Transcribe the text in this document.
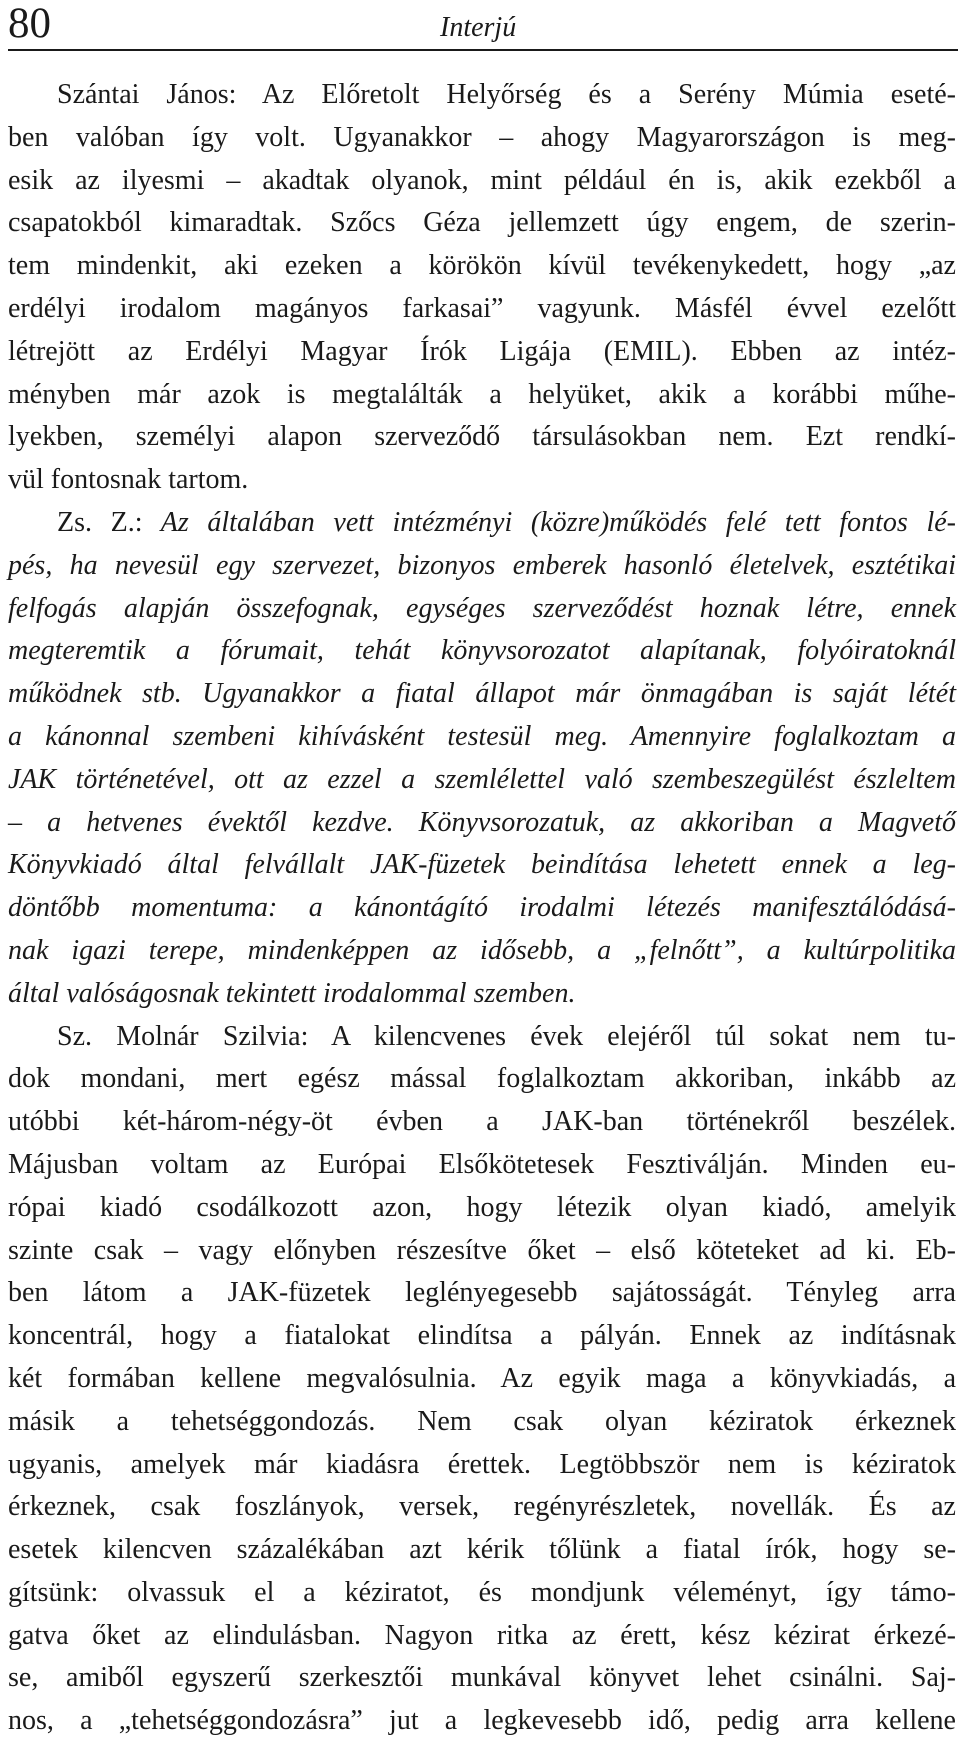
80	Interjú
Szántai János: Az Előretolt Helyőrség és a Serény Múmia eseté-
ben valóban így volt. Ugyanakkor – ahogy Magyarországon is meg-
esik az ilyesmi – akadtak olyanok, mint például én is, akik ezekből a
csapatokból kimaradtak. Szőcs Géza jellemzett úgy engem, de szerin-
tem mindenkit, aki ezeken a körökön kívül tevékenykedett, hogy „az
erdélyi irodalom magányos farkasai” vagyunk. Másfél évvel ezelőtt
létrejött az Erdélyi Magyar Írók Ligája (EMIL). Ebben az intéz-
ményben már azok is megtalálták a helyüket, akik a korábbi műhe-
lyekben, személyi alapon szerveződő társulásokban nem. Ezt rendkí-
vül fontosnak tartom.
Zs. Z.: Az általában vett intézményi (közre)működés felé tett fontos lé-
pés, ha nevesül egy szervezet, bizonyos emberek hasonló életelvek, esztétikai
felfogás alapján összefognak, egységes szerveződést hoznak létre, ennek
megteremtik a fórumait, tehát könyvsorozatot alapítanak, folyóiratoknál
működnek stb. Ugyanakkor a fiatal állapot már önmagában is saját létét
a kánonnal szembeni kihívásként testesül meg. Amennyire foglalkoztam a
JAK történetével, ott az ezzel a szemlélettel való szembeszegülést észleltem
– a hetvenes évektől kezdve. Könyvsorozatuk, az akkoriban a Magvető
Könyvkiadó által felvállalt JAK-füzetek beindítása lehetett ennek a leg-
döntőbb momentuma: a kánontágító irodalmi létezés manifesztálódásá-
nak igazi terepe, mindenképpen az idősebb, a „felnőtt”, a kultúrpolitika
által valóságosnak tekintett irodalommal szemben.
Sz. Molnár Szilvia: A kilencvenes évek elejéről túl sokat nem tu-
dok mondani, mert egész mással foglalkoztam akkoriban, inkább az
utóbbi két-három-négy-öt évben a JAK-ban történekről beszélek.
Májusban voltam az Európai Elsőkötetesek Fesztiválján. Minden eu-
rópai kiadó csodálkozott azon, hogy létezik olyan kiadó, amelyik
szinte csak – vagy előnyben részesítve őket – első köteteket ad ki. Eb-
ben látom a JAK-füzetek leglényegesebb sajátosságát. Tényleg arra
koncentrál, hogy a fiatalokat elindítsa a pályán. Ennek az indításnak
két formában kellene megvalósulnia. Az egyik maga a könyvkiadás, a
másik a tehetséggondozás. Nem csak olyan kéziratok érkeznek
ugyanis, amelyek már kiadásra érettek. Legtöbbször nem is kéziratok
érkeznek, csak foszlányok, versek, regényrészletek, novellák. És az
esetek kilencven százalékában azt kérik tőlünk a fiatal írók, hogy se-
gítsünk: olvassuk el a kéziratot, és mondjunk véleményt, így támo-
gatva őket az elindulásban. Nagyon ritka az érett, kész kézirat érkezé-
se, amiből egyszerű szerkesztői munkával könyvet lehet csinálni. Saj-
nos, a „tehetséggondozásra” jut a legkevesebb idő, pedig arra kellene
